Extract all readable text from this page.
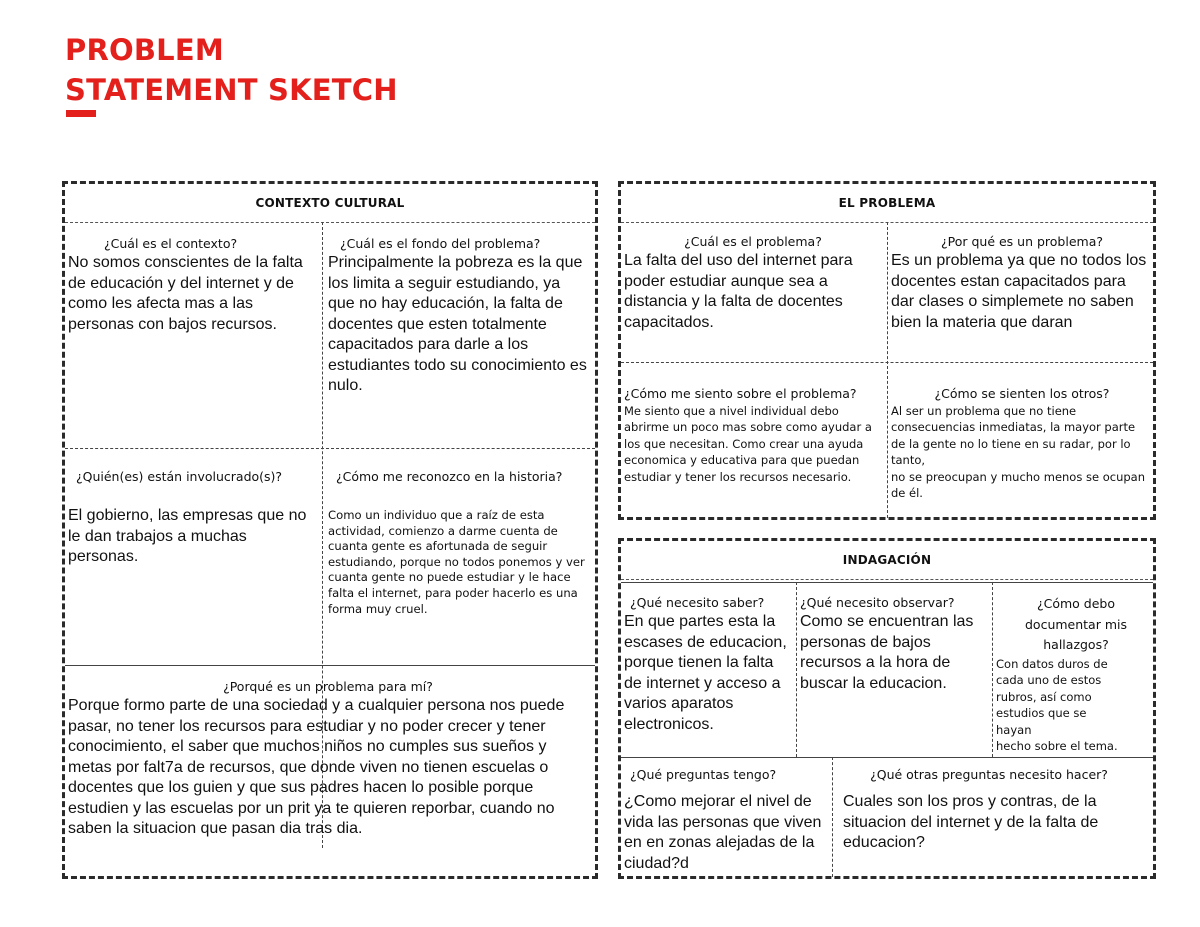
PROBLEM
STATEMENT SKETCH
CONTEXTO CULTURAL

¿Cuál es el contexto?

No somos conscientes de la falta de educación y del internet y de como les afecta mas a las personas con bajos recursos.

¿Cuál es el fondo del problema?

Principalmente la pobreza es la que los limita a seguir estudiando, ya que no hay educación, la falta de docentes que esten totalmente capacitados para darle a los estudiantes todo su conocimiento es nulo.

¿Quién(es) están involucrado(s)?

El gobierno, las empresas que no le dan trabajos a muchas personas.

¿Cómo me reconozco en la historia?

Como un individuo que a raíz de esta actividad, comienzo a darme cuenta de cuanta gente es afortunada de seguir estudiando, porque no todos ponemos y ver cuanta gente no puede estudiar y le hace falta el internet, para poder hacerlo es una forma muy cruel.

¿Porqué es un problema para mí?

Porque formo parte de una sociedad y a cualquier persona nos puede pasar, no tener los recursos para estudiar y no poder crecer y tener conocimiento, el saber que muchos niños no cumples sus sueños y metas por falt7a de recursos, que donde viven no tienen escuelas o docentes que los guien y que sus padres hacen lo posible porque estudien y las escuelas por un prit ya te quieren reporbar, cuando no saben la situacion que pasan dia tras dia.

EL PROBLEMA

¿Cuál es el problema?

La falta del uso del internet para poder estudiar aunque sea a distancia y la falta de docentes capacitados.

¿Por qué es un problema?

Es un problema ya que no todos los docentes estan capacitados para dar clases o simplemete no saben bien la materia que daran

¿Cómo me siento sobre el problema?

Me siento que a nivel individual debo abrirme un poco mas sobre como ayudar a los que necesitan. Como crear una ayuda economica y educativa para que puedan estudiar y tener los recursos necesario.

¿Cómo se sienten los otros?

Al ser un problema que no tiene consecuencias inmediatas, la mayor parte de la gente no lo tiene en su radar, por lo tanto,

no se preocupan y mucho menos se ocupan de él.

INDAGACIÓN

¿Qué necesito saber?

En que partes esta la escases de educacion, porque tienen la falta de internet y acceso a varios aparatos electronicos.

¿Qué necesito observar?

Como se encuentran las personas de bajos recursos a la hora de buscar la educacion.

¿Cómo debo documentar mis hallazgos?

Con datos duros de cada uno de estos rubros, así como estudios que se hayan

hecho sobre el tema.

¿Qué preguntas tengo?

¿Como mejorar el nivel de vida las personas que viven en en zonas alejadas de la ciudad?d

¿Qué otras preguntas necesito hacer?

Cuales son los pros y contras, de la situacion del internet y de la falta de educacion?
